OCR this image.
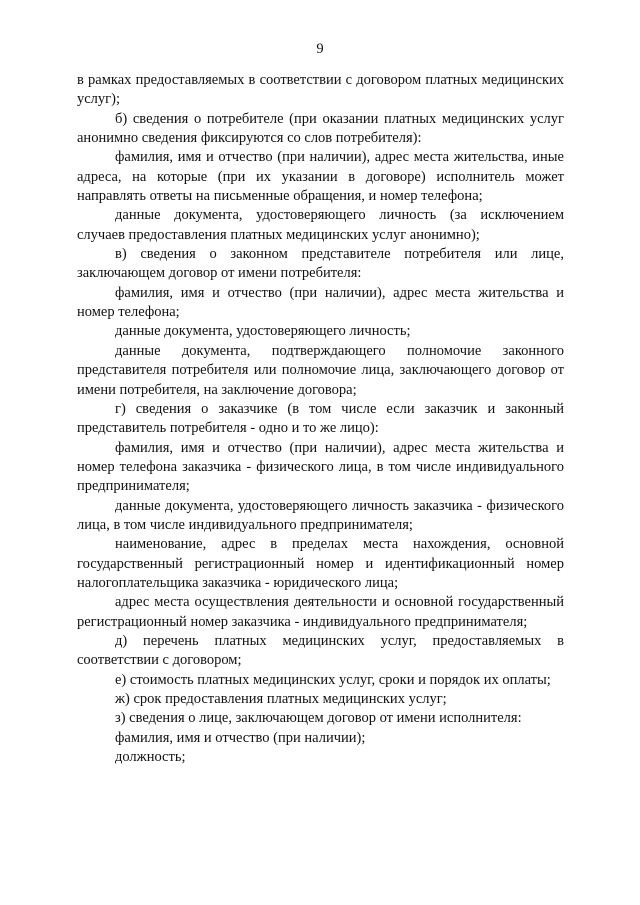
9

в рамках предоставляемых в соответствии с договором платных медицинских услуг);

б) сведения о потребителе (при оказании платных медицинских услуг анонимно сведения фиксируются со слов потребителя):

фамилия, имя и отчество (при наличии), адрес места жительства, иные адреса, на которые (при их указании в договоре) исполнитель может направлять ответы на письменные обращения, и номер телефона;

данные документа, удостоверяющего личность (за исключением случаев предоставления платных медицинских услуг анонимно);

в) сведения о законном представителе потребителя или лице, заключающем договор от имени потребителя:

фамилия, имя и отчество (при наличии), адрес места жительства и номер телефона;

данные документа, удостоверяющего личность;

данные документа, подтверждающего полномочие законного представителя потребителя или полномочие лица, заключающего договор от имени потребителя, на заключение договора;

г) сведения о заказчике (в том числе если заказчик и законный представитель потребителя - одно и то же лицо):

фамилия, имя и отчество (при наличии), адрес места жительства и номер телефона заказчика - физического лица, в том числе индивидуального предпринимателя;

данные документа, удостоверяющего личность заказчика - физического лица, в том числе индивидуального предпринимателя;

наименование, адрес в пределах места нахождения, основной государственный регистрационный номер и идентификационный номер налогоплательщика заказчика - юридического лица;

адрес места осуществления деятельности и основной государственный регистрационный номер заказчика - индивидуального предпринимателя;

д) перечень платных медицинских услуг, предоставляемых в соответствии с договором;

е) стоимость платных медицинских услуг, сроки и порядок их оплаты;

ж) срок предоставления платных медицинских услуг;

з) сведения о лице, заключающем договор от имени исполнителя:

фамилия, имя и отчество (при наличии);

должность;
